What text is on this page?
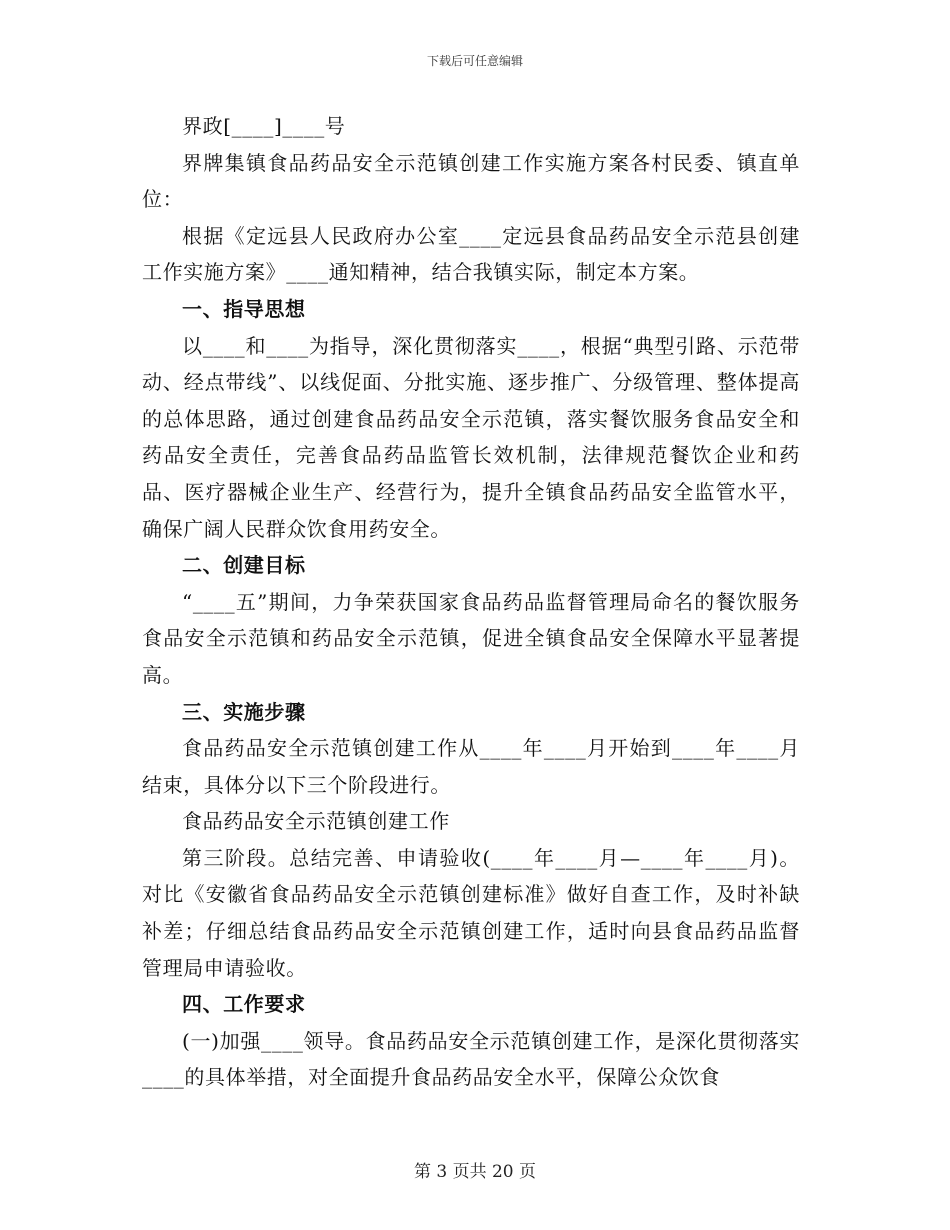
下载后可任意编辑

界政[____]____号

界牌集镇食品药品安全示范镇创建工作实施方案各村民委、镇直单位：

根据《定远县人民政府办公室____定远县食品药品安全示范县创建工作实施方案》____通知精神，结合我镇实际，制定本方案。

一、指导思想

以____和____为指导，深化贯彻落实____，根据“典型引路、示范带动、经点带线”、以线促面、分批实施、逐步推广、分级管理、整体提高的总体思路，通过创建食品药品安全示范镇，落实餐饮服务食品安全和药品安全责任，完善食品药品监管长效机制，法律规范餐饮企业和药品、医疗器械企业生产、经营行为，提升全镇食品药品安全监管水平，确保广阔人民群众饮食用药安全。

二、创建目标

“____五”期间，力争荣获国家食品药品监督管理局命名的餐饮服务食品安全示范镇和药品安全示范镇，促进全镇食品安全保障水平显著提高。

三、实施步骤

食品药品安全示范镇创建工作从____年____月开始到____年____月结束，具体分以下三个阶段进行。

食品药品安全示范镇创建工作

第三阶段。总结完善、申请验收(____年____月—____年____月)。对比《安徽省食品药品安全示范镇创建标准》做好自查工作，及时补缺补差；仔细总结食品药品安全示范镇创建工作，适时向县食品药品监督管理局申请验收。

四、工作要求

(一)加强____领导。食品药品安全示范镇创建工作，是深化贯彻落实____的具体举措，对全面提升食品药品安全水平，保障公众饮食

第 3 页共 20 页
